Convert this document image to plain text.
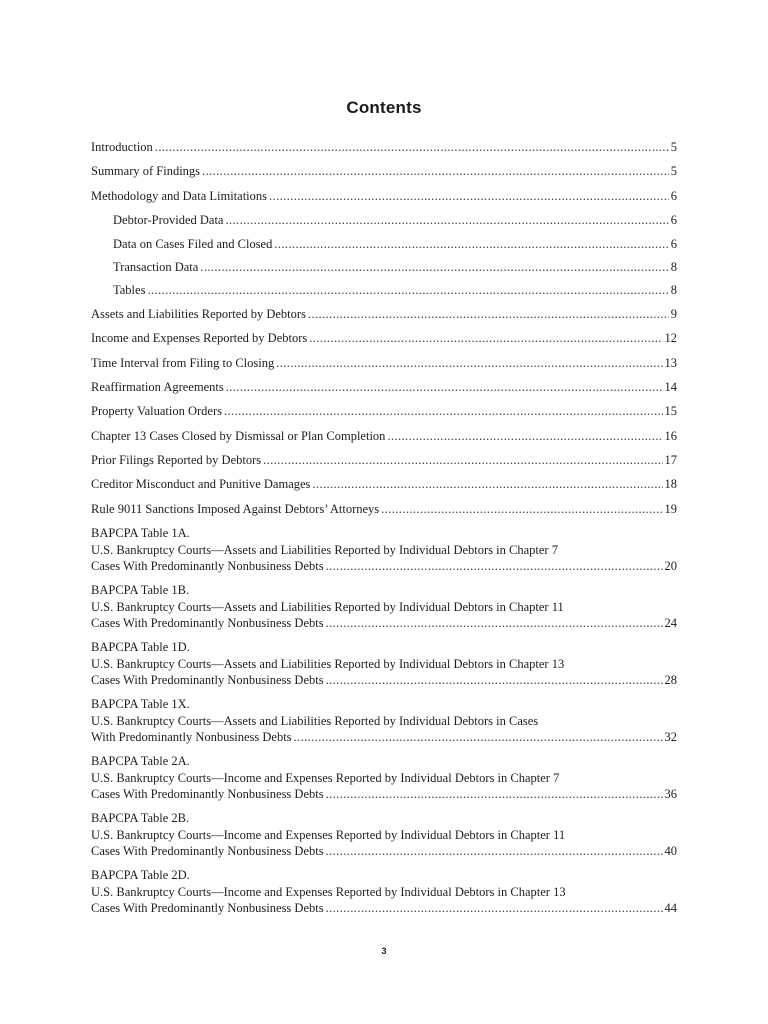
Contents
Introduction .....	5
Summary of Findings .....	5
Methodology and Data Limitations .....	6
Debtor-Provided Data .....	6
Data on Cases Filed and Closed .....	6
Transaction Data .....	8
Tables .....	8
Assets and Liabilities Reported by Debtors .....	9
Income and Expenses Reported by Debtors .....	12
Time Interval from Filing to Closing .....	13
Reaffirmation Agreements .....	14
Property Valuation Orders .....	15
Chapter 13 Cases Closed by Dismissal or Plan Completion .....	16
Prior Filings Reported by Debtors .....	17
Creditor Misconduct and Punitive Damages .....	18
Rule 9011 Sanctions Imposed Against Debtors’ Attorneys .....	19
BAPCPA Table 1A.
U.S. Bankruptcy Courts—Assets and Liabilities Reported by Individual Debtors in Chapter 7
Cases With Predominantly Nonbusiness Debts .....	20
BAPCPA Table 1B.
U.S. Bankruptcy Courts—Assets and Liabilities Reported by Individual Debtors in Chapter 11
Cases With Predominantly Nonbusiness Debts .....	24
BAPCPA Table 1D.
U.S. Bankruptcy Courts—Assets and Liabilities Reported by Individual Debtors in Chapter 13
Cases With Predominantly Nonbusiness Debts .....	28
BAPCPA Table 1X.
U.S. Bankruptcy Courts—Assets and Liabilities Reported by Individual Debtors in Cases
With Predominantly Nonbusiness Debts .....	32
BAPCPA Table 2A.
U.S. Bankruptcy Courts—Income and Expenses Reported by Individual Debtors in Chapter 7
Cases With Predominantly Nonbusiness Debts .....	36
BAPCPA Table 2B.
U.S. Bankruptcy Courts—Income and Expenses Reported by Individual Debtors in Chapter 11
Cases With Predominantly Nonbusiness Debts .....	40
BAPCPA Table 2D.
U.S. Bankruptcy Courts—Income and Expenses Reported by Individual Debtors in Chapter 13
Cases With Predominantly Nonbusiness Debts .....	44
3
